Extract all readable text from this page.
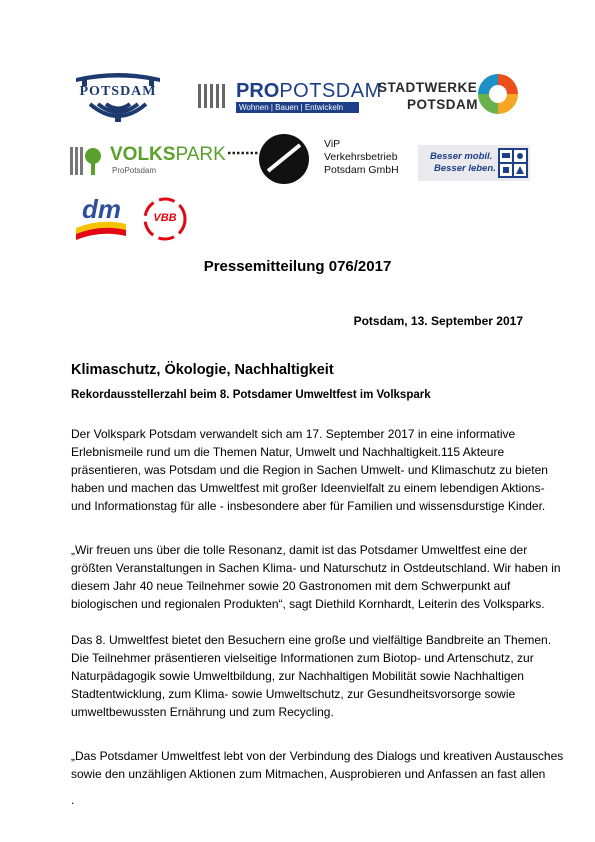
POTSDAM	PROPOTSDAM
Wohnen | Bauen | Entwickeln
STADTWERKE
POTSDAM
VOLKSPARK
ProPotsdam
ViP
Verkehrsbetrieb
Potsdam GmbH
Besser mobil.
Besser leben.
dm	VBB
Pressemitteilung 076/2017
Potsdam, 13. September 2017
Klimaschutz, Ökologie, Nachhaltigkeit
Rekordausstellerzahl beim 8. Potsdamer Umweltfest im Volkspark
Der Volkspark Potsdam verwandelt sich am 17. September 2017 in eine informative
Erlebnismeile rund um die Themen Natur, Umwelt und Nachhaltigkeit.115 Akteure
präsentieren, was Potsdam und die Region in Sachen Umwelt- und Klimaschutz zu bieten
haben und machen das Umweltfest mit großer Ideenvielfalt zu einem lebendigen Aktions-
und Informationstag für alle - insbesondere aber für Familien und wissensdurstige Kinder.
„Wir freuen uns über die tolle Resonanz, damit ist das Potsdamer Umweltfest eine der
größten Veranstaltungen in Sachen Klima- und Naturschutz in Ostdeutschland. Wir haben in
diesem Jahr 40 neue Teilnehmer sowie 20 Gastronomen mit dem Schwerpunkt auf
biologischen und regionalen Produkten“, sagt Diethild Kornhardt, Leiterin des Volksparks.
Das 8. Umweltfest bietet den Besuchern eine große und vielfältige Bandbreite an Themen.
Die Teilnehmer präsentieren vielseitige Informationen zum Biotop- und Artenschutz, zur
Naturpädagogik sowie Umweltbildung, zur Nachhaltigen Mobilität sowie Nachhaltigen
Stadtentwicklung, zum Klima- sowie Umweltschutz, zur Gesundheitsvorsorge sowie
umweltbewussten Ernährung und zum Recycling.
„Das Potsdamer Umweltfest lebt von der Verbindung des Dialogs und kreativen Austausches
sowie den unzähligen Aktionen zum Mitmachen, Ausprobieren und Anfassen an fast allen
.
